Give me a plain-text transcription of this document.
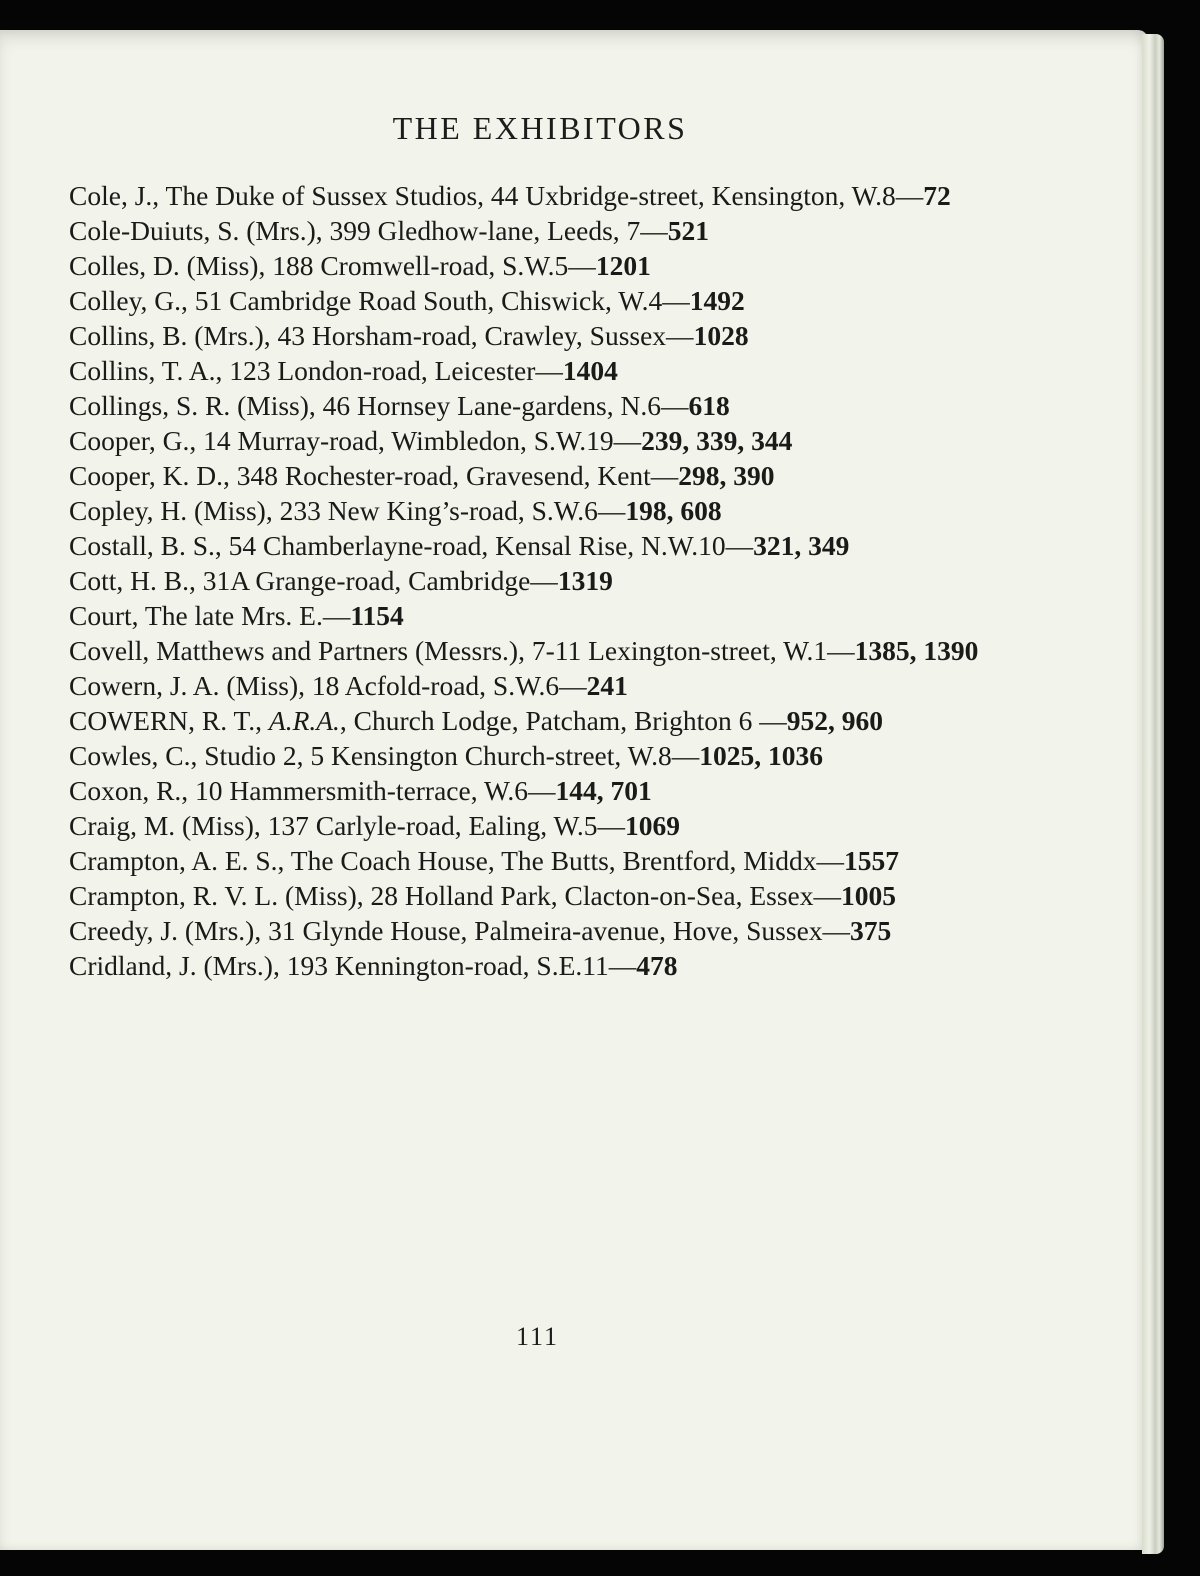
THE EXHIBITORS
Cole, J., The Duke of Sussex Studios, 44 Uxbridge-street, Kensington, W.8—72
Cole-Duiuts, S. (Mrs.), 399 Gledhow-lane, Leeds, 7—521
Colles, D. (Miss), 188 Cromwell-road, S.W.5—1201
Colley, G., 51 Cambridge Road South, Chiswick, W.4—1492
Collins, B. (Mrs.), 43 Horsham-road, Crawley, Sussex—1028
Collins, T. A., 123 London-road, Leicester—1404
Collings, S. R. (Miss), 46 Hornsey Lane-gardens, N.6—618
Cooper, G., 14 Murray-road, Wimbledon, S.W.19—239, 339, 344
Cooper, K. D., 348 Rochester-road, Gravesend, Kent—298, 390
Copley, H. (Miss), 233 New King’s-road, S.W.6—198, 608
Costall, B. S., 54 Chamberlayne-road, Kensal Rise, N.W.10—321, 349
Cott, H. B., 31A Grange-road, Cambridge—1319
Court, The late Mrs. E.—1154
Covell, Matthews and Partners (Messrs.), 7-11 Lexington-street, W.1—1385, 1390
Cowern, J. A. (Miss), 18 Acfold-road, S.W.6—241
COWERN, R. T., A.R.A., Church Lodge, Patcham, Brighton 6 —952, 960
Cowles, C., Studio 2, 5 Kensington Church-street, W.8—1025, 1036
Coxon, R., 10 Hammersmith-terrace, W.6—144, 701
Craig, M. (Miss), 137 Carlyle-road, Ealing, W.5—1069
Crampton, A. E. S., The Coach House, The Butts, Brentford, Middx—1557
Crampton, R. V. L. (Miss), 28 Holland Park, Clacton-on-Sea, Essex—1005
Creedy, J. (Mrs.), 31 Glynde House, Palmeira-avenue, Hove, Sussex—375
Cridland, J. (Mrs.), 193 Kennington-road, S.E.11—478
111
